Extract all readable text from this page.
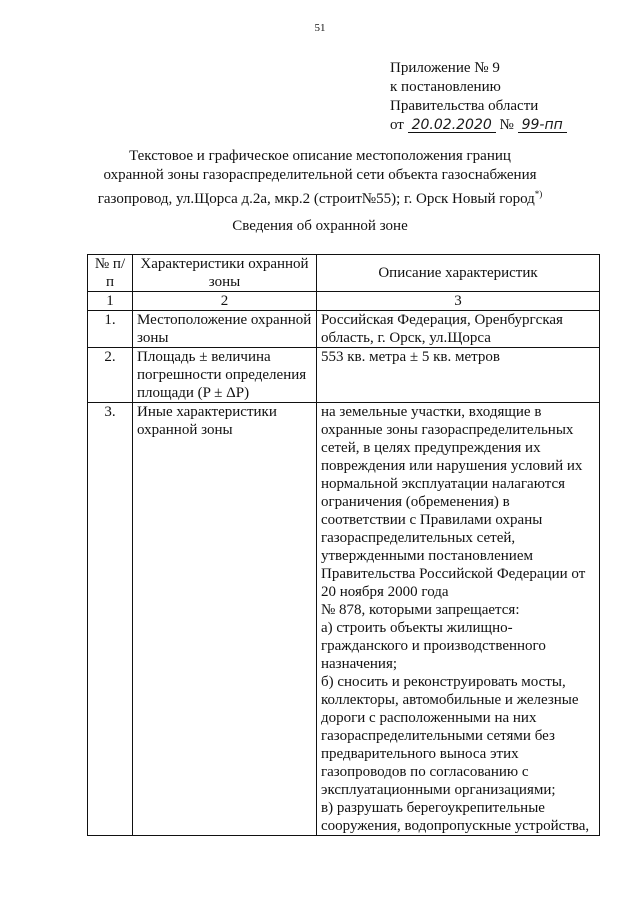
51
Приложение № 9
к постановлению
Правительства области
от 20.02.2020 № 99-пп
Текстовое и графическое описание местоположения границ
охранной зоны газораспределительной сети объекта газоснабжения
газопровод, ул.Щорса д.2а, мкр.2 (строит№55); г. Орск Новый город*)
Сведения об охранной зоне
№ п/п	Характеристики охранной зоны	Описание характеристик
1	2	3
1.	Местоположение охранной зоны	Российская Федерация, Оренбургская область, г. Орск, ул.Щорса
2.	Площадь ± величина погрешности определения площади (P ± ΔP)	553 кв. метра ± 5 кв. метров
3.	Иные характеристики охранной зоны	на земельные участки, входящие в охранные зоны газораспределительных сетей, в целях предупреждения их повреждения или нарушения условий их нормальной эксплуатации налагаются ограничения (обременения) в соответствии с Правилами охраны газораспределительных сетей, утвержденными постановлением Правительства Российской Федерации от 20 ноября 2000 года
№ 878, которыми запрещается:
а) строить объекты жилищно-гражданского и производственного назначения;
б) сносить и реконструировать мосты, коллекторы, автомобильные и железные дороги с расположенными на них газораспределительными сетями без предварительного выноса этих газопроводов по согласованию с эксплуатационными организациями;
в) разрушать берегоукрепительные сооружения, водопропускные устройства,
